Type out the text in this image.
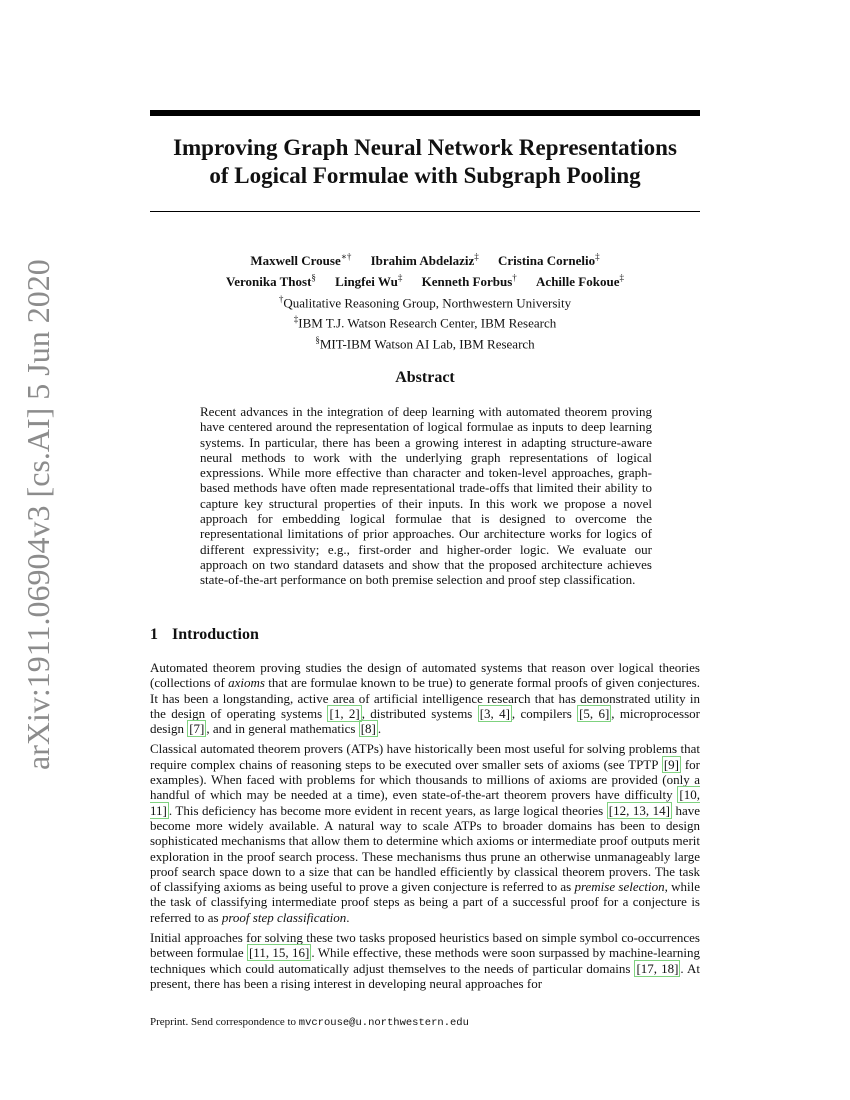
arXiv:1911.06904v3 [cs.AI] 5 Jun 2020
Improving Graph Neural Network Representations
of Logical Formulae with Subgraph Pooling
Maxwell Crouse∗† Ibrahim Abdelaziz‡ Cristina Cornelio‡
Veronika Thost§ Lingfei Wu‡ Kenneth Forbus† Achille Fokoue‡
†Qualitative Reasoning Group, Northwestern University
‡IBM T.J. Watson Research Center, IBM Research
§MIT-IBM Watson AI Lab, IBM Research
Abstract

Recent advances in the integration of deep learning with automated theorem proving have centered around the representation of logical formulae as inputs to deep learning systems. In particular, there has been a growing interest in adapting structure-aware neural methods to work with the underlying graph representations of logical expressions. While more effective than character and token-level approaches, graph-based methods have often made representational trade-offs that limited their ability to capture key structural properties of their inputs. In this work we propose a novel approach for embedding logical formulae that is designed to overcome the representational limitations of prior approaches. Our architecture works for logics of different expressivity; e.g., first-order and higher-order logic. We evaluate our approach on two standard datasets and show that the proposed architecture achieves state-of-the-art performance on both premise selection and proof step classification.

1 Introduction

Automated theorem proving studies the design of automated systems that reason over logical theories (collections of axioms that are formulae known to be true) to generate formal proofs of given conjectures. It has been a longstanding, active area of artificial intelligence research that has demonstrated utility in the design of operating systems [1, 2] , distributed systems [3, 4] , compilers [5, 6] , microprocessor design [7] , and in general mathematics [8] .

Classical automated theorem provers (ATPs) have historically been most useful for solving problems that require complex chains of reasoning steps to be executed over smaller sets of axioms (see TPTP [9] for examples). When faced with problems for which thousands to millions of axioms are provided (only a handful of which may be needed at a time), even state-of-the-art theorem provers have difficulty [10, 11] . This deficiency has become more evident in recent years, as large logical theories [12, 13, 14] have become more widely available. A natural way to scale ATPs to broader domains has been to design sophisticated mechanisms that allow them to determine which axioms or intermediate proof outputs merit exploration in the proof search process. These mechanisms thus prune an otherwise unmanageably large proof search space down to a size that can be handled efficiently by classical theorem provers. The task of classifying axioms as being useful to prove a given conjecture is referred to as premise selection, while the task of classifying intermediate proof steps as being a part of a successful proof for a conjecture is referred to as proof step classification.

Initial approaches for solving these two tasks proposed heuristics based on simple symbol co-occurrences between formulae [11, 15, 16] . While effective, these methods were soon surpassed by machine-learning techniques which could automatically adjust themselves to the needs of particular domains [17, 18] . At present, there has been a rising interest in developing neural approaches for

Preprint. Send correspondence to mvcrouse@u.northwestern.edu
